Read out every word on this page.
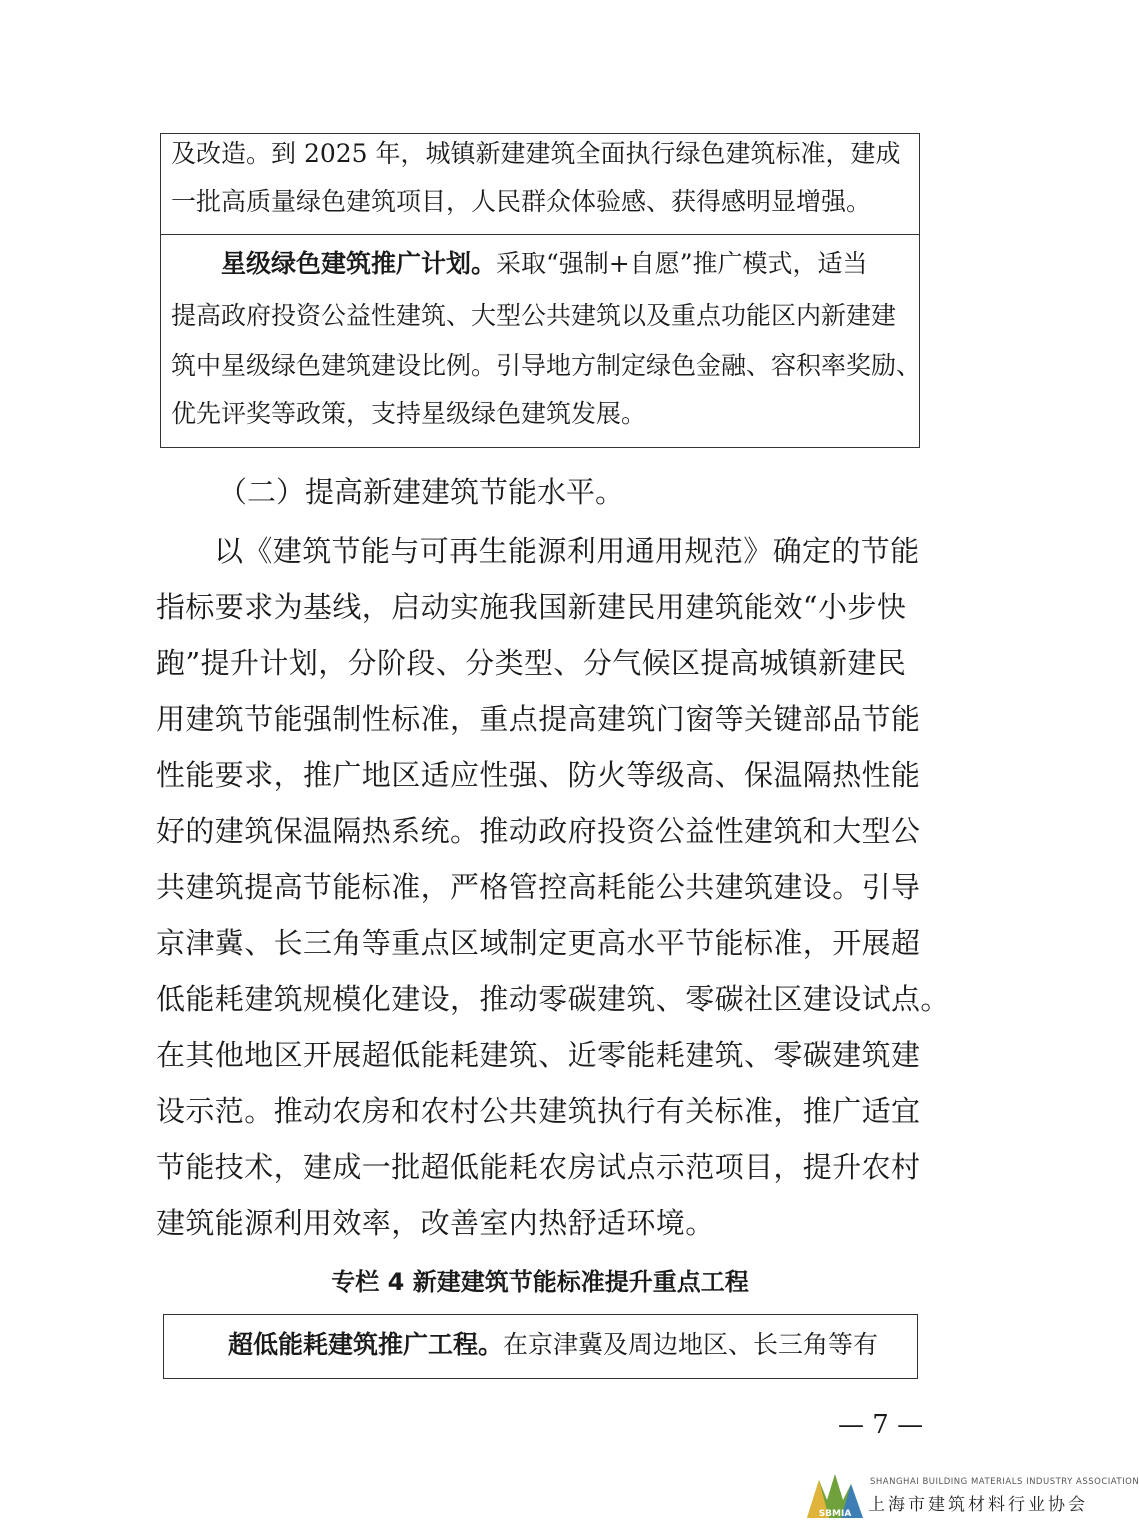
及改造。到 2025 年，城镇新建建筑全面执行绿色建筑标准，建成
一批高质量绿色建筑项目，人民群众体验感、获得感明显增强。
星级绿色建筑推广计划。采取“强制+自愿”推广模式，适当
提高政府投资公益性建筑、大型公共建筑以及重点功能区内新建建
筑中星级绿色建筑建设比例。引导地方制定绿色金融、容积率奖励、
优先评奖等政策，支持星级绿色建筑发展。
（二）提高新建建筑节能水平。
以《建筑节能与可再生能源利用通用规范》确定的节能
指标要求为基线，启动实施我国新建民用建筑能效“小步快
跑”提升计划，分阶段、分类型、分气候区提高城镇新建民
用建筑节能强制性标准，重点提高建筑门窗等关键部品节能
性能要求，推广地区适应性强、防火等级高、保温隔热性能
好的建筑保温隔热系统。推动政府投资公益性建筑和大型公
共建筑提高节能标准，严格管控高耗能公共建筑建设。引导
京津冀、长三角等重点区域制定更高水平节能标准，开展超
低能耗建筑规模化建设，推动零碳建筑、零碳社区建设试点。
在其他地区开展超低能耗建筑、近零能耗建筑、零碳建筑建
设示范。推动农房和农村公共建筑执行有关标准，推广适宜
节能技术，建成一批超低能耗农房试点示范项目，提升农村
建筑能源利用效率，改善室内热舒适环境。
专栏 4 新建建筑节能标准提升重点工程
超低能耗建筑推广工程。在京津冀及周边地区、长三角等有
— 7 —
SBMIA
SHANGHAI BUILDING MATERIALS INDUSTRY ASSOCIATION
上海市建筑材料行业协会
